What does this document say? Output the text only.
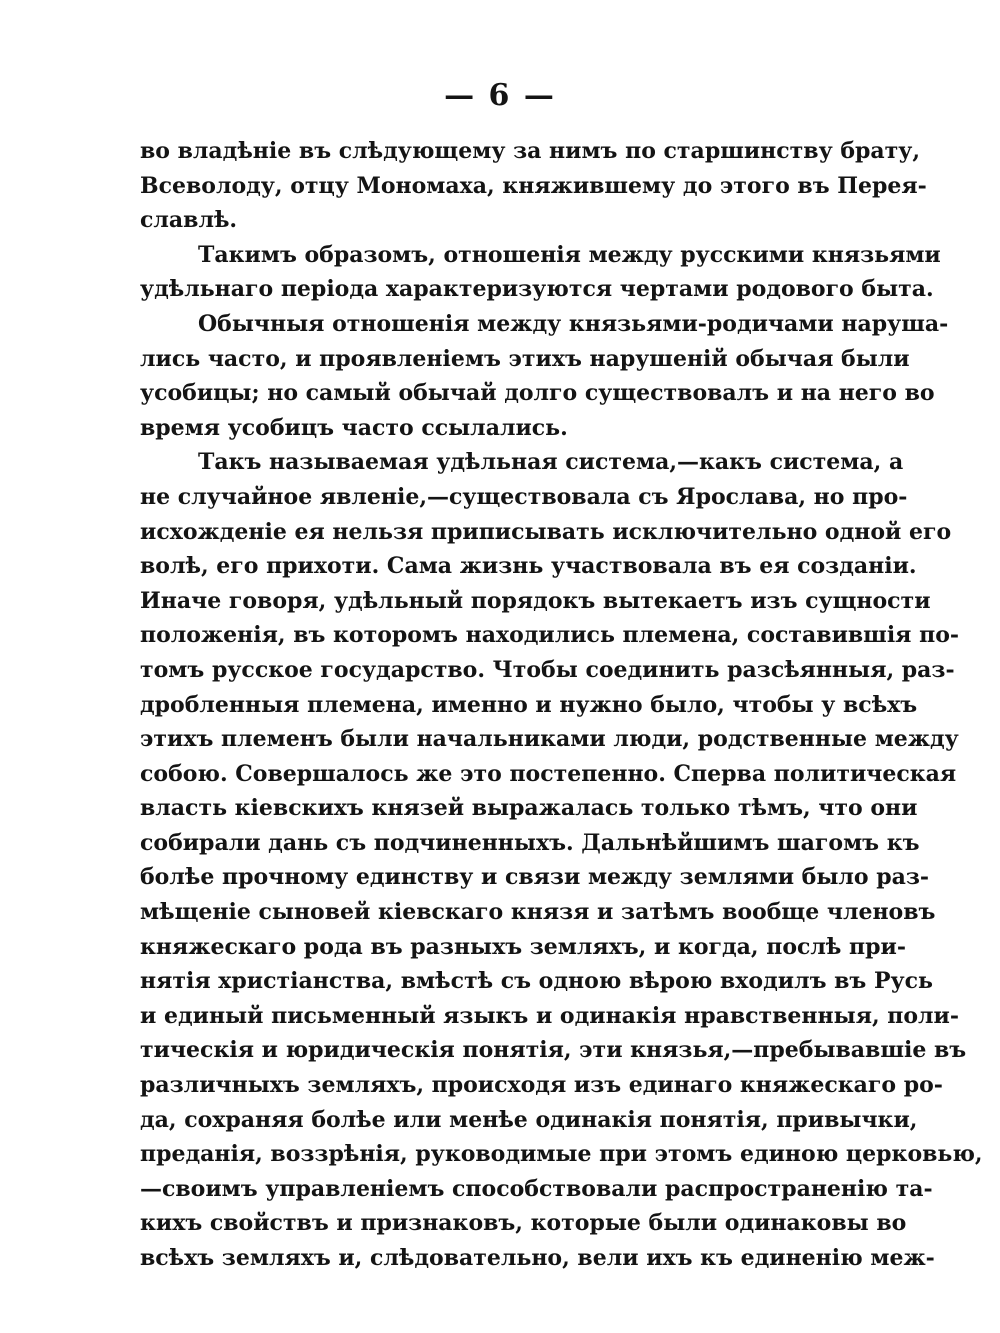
— 6 —
во владѣніе въ слѣдующему за нимъ по старшинству брату,
Всеволоду, отцу Мономаха, княжившему до этого въ Перея-
славлѣ.
Такимъ образомъ, отношенія между русскими князьями
удѣльнаго періода характеризуются чертами родового быта.
Обычныя отношенія между князьями-родичами наруша-
лись часто, и проявленіемъ этихъ нарушеній обычая были
усобицы; но самый обычай долго существовалъ и на него во
время усобицъ часто ссылались.
Такъ называемая удѣльная система,—какъ система, а
не случайное явленіе,—существовала съ Ярослава, но про-
исхожденіе ея нельзя приписывать исключительно одной его
волѣ, его прихоти. Сама жизнь участвовала въ ея созданіи.
Иначе говоря, удѣльный порядокъ вытекаетъ изъ сущности
положенія, въ которомъ находились племена, составившія по-
томъ русское государство. Чтобы соединить разсѣянныя, раз-
дробленныя племена, именно и нужно было, чтобы у всѣхъ
этихъ племенъ были начальниками люди, родственные между
собою. Совершалось же это постепенно. Сперва политическая
власть кіевскихъ князей выражалась только тѣмъ, что они
собирали дань съ подчиненныхъ. Дальнѣйшимъ шагомъ къ
болѣе прочному единству и связи между землями было раз-
мѣщеніе сыновей кіевскаго князя и затѣмъ вообще членовъ
княжескаго рода въ разныхъ земляхъ, и когда, послѣ при-
нятія христіанства, вмѣстѣ съ одною вѣрою входилъ въ Русь
и единый письменный языкъ и одинакія нравственныя, поли-
тическія и юридическія понятія, эти князья,—пребывавшіе въ
различныхъ земляхъ, происходя изъ единаго княжескаго ро-
да, сохраняя болѣе или менѣе одинакія понятія, привычки,
преданія, воззрѣнія, руководимые при этомъ единою церковью,
—своимъ управленіемъ способствовали распространенію та-
кихъ свойствъ и признаковъ, которые были одинаковы во
всѣхъ земляхъ и, слѣдовательно, вели ихъ къ единенію меж-
